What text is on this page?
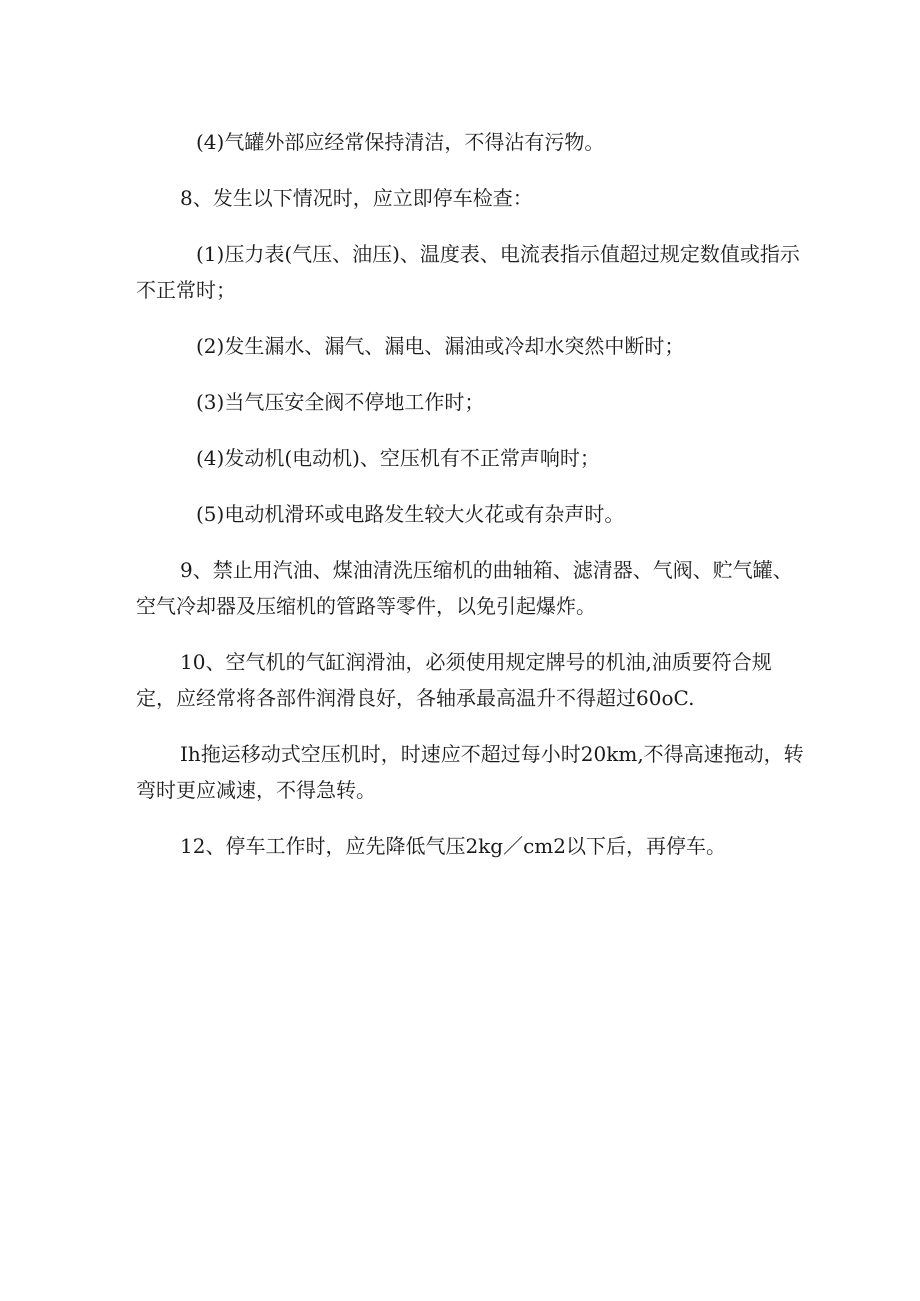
(4)气罐外部应经常保持清洁，不得沾有污物。

8、发生以下情况时，应立即停车检查：

(1)压力表(气压、油压)、温度表、电流表指示值超过规定数值或指示不正常时；

(2)发生漏水、漏气、漏电、漏油或冷却水突然中断时；

(3)当气压安全阀不停地工作时；

(4)发动机(电动机)、空压机有不正常声响时；

(5)电动机滑环或电路发生较大火花或有杂声时。

9、禁止用汽油、煤油清洗压缩机的曲轴箱、滤清器、气阀、贮气罐、空气冷却器及压缩机的管路等零件，以免引起爆炸。

10、空气机的气缸润滑油，必须使用规定牌号的机油,油质要符合规定，应经常将各部件润滑良好，各轴承最高温升不得超过60oC.

Ih拖运移动式空压机时，时速应不超过每小时20km,不得高速拖动，转弯时更应减速，不得急转。

12、停车工作时，应先降低气压2kg／cm2以下后，再停车。
